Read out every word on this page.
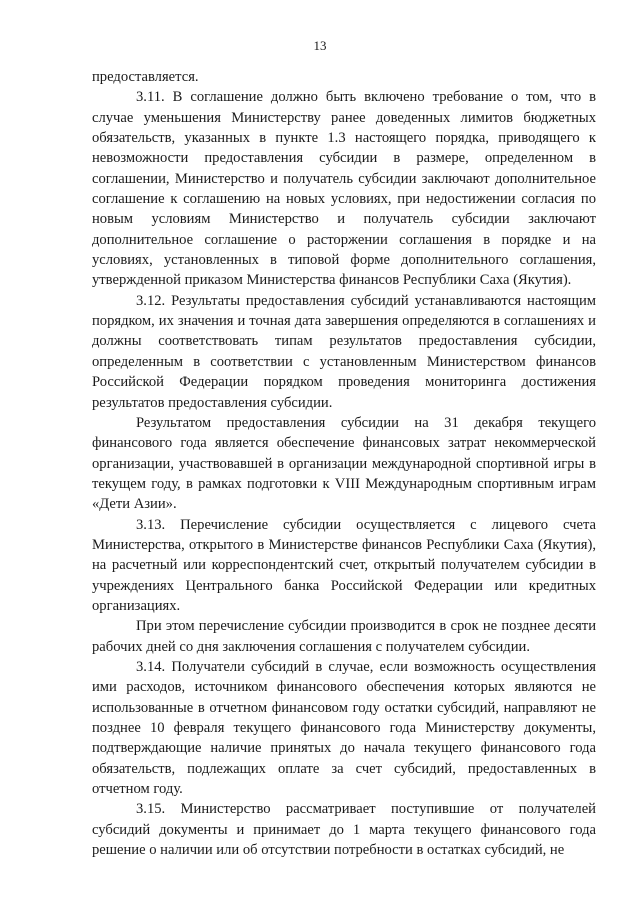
13

предоставляется.

3.11. В соглашение должно быть включено требование о том, что в случае уменьшения Министерству ранее доведенных лимитов бюджетных обязательств, указанных в пункте 1.3 настоящего порядка, приводящего к невозможности предоставления субсидии в размере, определенном в соглашении, Министерство и получатель субсидии заключают дополнительное соглашение к соглашению на новых условиях, при недостижении согласия по новым условиям Министерство и получатель субсидии заключают дополнительное соглашение о расторжении соглашения в порядке и на условиях, установленных в типовой форме дополнительного соглашения, утвержденной приказом Министерства финансов Республики Саха (Якутия).

3.12. Результаты предоставления субсидий устанавливаются настоящим порядком, их значения и точная дата завершения определяются в соглашениях и должны соответствовать типам результатов предоставления субсидии, определенным в соответствии с установленным Министерством финансов Российской Федерации порядком проведения мониторинга достижения результатов предоставления субсидии.

Результатом предоставления субсидии на 31 декабря текущего финансового года является обеспечение финансовых затрат некоммерческой организации, участвовавшей в организации международной спортивной игры в текущем году, в рамках подготовки к VIII Международным спортивным играм «Дети Азии».

3.13. Перечисление субсидии осуществляется с лицевого счета Министерства, открытого в Министерстве финансов Республики Саха (Якутия), на расчетный или корреспондентский счет, открытый получателем субсидии в учреждениях Центрального банка Российской Федерации или кредитных организациях.

При этом перечисление субсидии производится в срок не позднее десяти рабочих дней со дня заключения соглашения с получателем субсидии.

3.14. Получатели субсидий в случае, если возможность осуществления ими расходов, источником финансового обеспечения которых являются не использованные в отчетном финансовом году остатки субсидий, направляют не позднее 10 февраля текущего финансового года Министерству документы, подтверждающие наличие принятых до начала текущего финансового года обязательств, подлежащих оплате за счет субсидий, предоставленных в отчетном году.

3.15. Министерство рассматривает поступившие от получателей субсидий документы и принимает до 1 марта текущего финансового года решение о наличии или об отсутствии потребности в остатках субсидий, не
